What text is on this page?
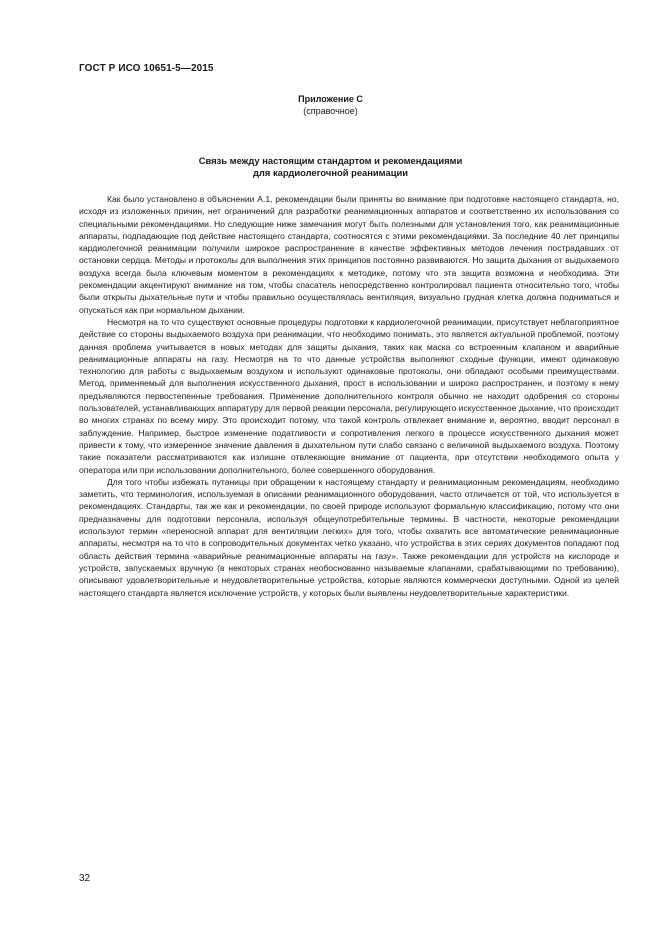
ГОСТ Р ИСО 10651-5—2015
Приложение С
(справочное)
Связь между настоящим стандартом и рекомендациями
для кардиолегочной реанимации

Как было установлено в объяснении А.1, рекомендации были приняты во внимание при подготовке настоящего стандарта, но, исходя из изложенных причин, нет ограничений для разработки реанимационных аппаратов и соответственно их использования со специальными рекомендациями. Но следующие ниже замечания могут быть полезными для установления того, как реанимационные аппараты, подпадающие под действие настоящего стандарта, соотносятся с этими рекомендациями. За последние 40 лет принципы кардиолегочной реанимации получили широкое распространение в качестве эффективных методов лечения пострадавших от остановки сердца. Методы и протоколы для выполнения этих принципов постоянно развиваются. Но защита дыхания от выдыхаемого воздуха всегда была ключевым моментом в рекомендациях к методике, потому что эта защита возможна и необходима. Эти рекомендации акцентируют внимание на том, чтобы спасатель непосредственно контролировал пациента относительно того, чтобы были открыты дыхательные пути и чтобы правильно осуществлялась вентиляция, визуально грудная клетка должна подниматься и опускаться как при нормальном дыхании.

Несмотря на то что существуют основные процедуры подготовки к кардиолегочной реанимации, присутствует неблагоприятное действие со стороны выдыхаемого воздуха при реанимации, что необходимо понимать, это является актуальной проблемой, поэтому данная проблема учитывается в новых методах для защиты дыхания, таких как маска со встроенным клапаном и аварийные реанимационные аппараты на газу. Несмотря на то что данные устройства выполняют сходные функции, имеют одинаковую технологию для работы с выдыхаемым воздухом и используют одинаковые протоколы, они обладают особыми преимуществами. Метод, применяемый для выполнения искусственного дыхания, прост в использовании и широко распространен, и поэтому к нему предъявляются первостепенные требования. Применение дополнительного контроля обычно не находит одобрения со стороны пользователей, устанавливающих аппаратуру для первой реакции персонала, регулирующего искусственное дыхание, что происходит во многих странах по всему миру. Это происходит потому, что такой контроль отвлекает внимание и, вероятно, вводит персонал в заблуждение. Например, быстрое изменение податливости и сопротивления легкого в процессе искусственного дыхания может привести к тому, что измеренное значение давления в дыхательном пути слабо связано с величиной выдыхаемого воздуха. Поэтому такие показатели рассматриваются как излишне отвлекающие внимание от пациента, при отсутствии необходимого опыта у оператора или при использовании дополнительного, более совершенного оборудования.

Для того чтобы избежать путаницы при обращении к настоящему стандарту и реанимационным рекомендациям, необходимо заметить, что терминология, используемая в описании реанимационного оборудования, часто отличается от той, что используется в рекомендациях. Стандарты, так же как и рекомендации, по своей природе используют формальную классификацию, потому что они предназначены для подготовки персонала, используя общеупотребительные термины. В частности, некоторые рекомендации используют термин «переносной аппарат для вентиляции легких» для того, чтобы охватить все автоматические реанимационные аппараты, несмотря на то что в сопроводительных документах четко указано, что устройства в этих сериях документов попадают под область действия термина «аварийные реанимационные аппараты на газу». Также рекомендации для устройств на кислороде и устройств, запускаемых вручную (в некоторых странах необоснованно называемые клапанами, срабатывающими по требованию), описывают удовлетворительные и неудовлетворительные устройства, которые являются коммерчески доступными. Одной из целей настоящего стандарта является исключение устройств, у которых были выявлены неудовлетворительные характеристики.

32
